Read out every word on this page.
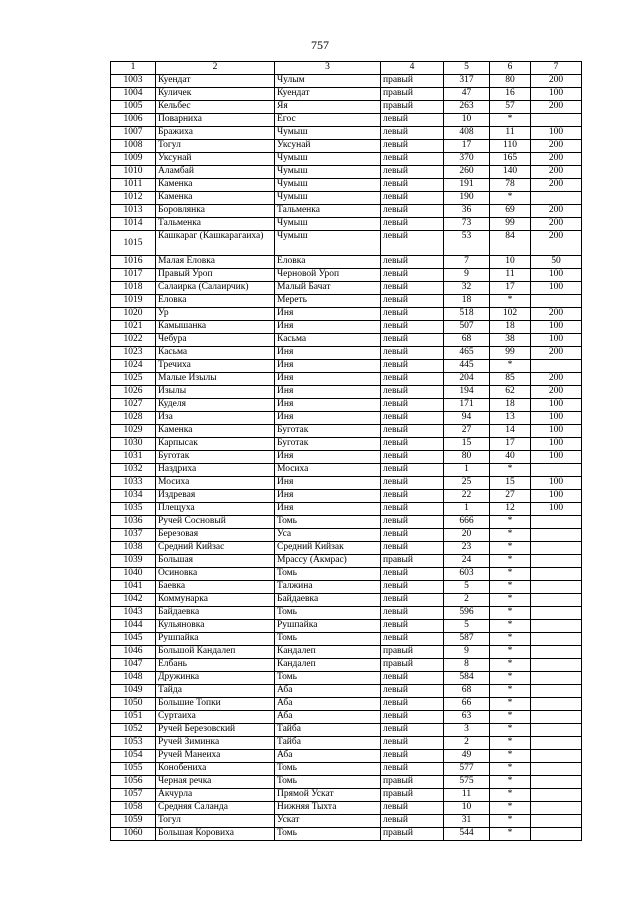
757
1	2	3	4	5	6	7
1003	Куендат	Чулым	правый	317	80	200
1004	Куличек	Куендат	правый	47	16	100
1005	Кельбес	Яя	правый	263	57	200
1006	Поварниха	Егос	левый	10	*	
1007	Бражиха	Чумыш	левый	408	11	100
1008	Тогул	Уксунай	левый	17	110	200
1009	Уксунай	Чумыш	левый	370	165	200
1010	Аламбай	Чумыш	левый	260	140	200
1011	Каменка	Чумыш	левый	191	78	200
1012	Каменка	Чумыш	левый	190	*	
1013	Боровлянка	Тальменка	левый	36	69	200
1014	Тальменка	Чумыш	левый	73	99	200
1015	Кашкараг (Кашкарагаиха)	Чумыш	левый	53	84	200
1016	Малая Еловка	Еловка	левый	7	10	50
1017	Правый Уроп	Черновой Уроп	левый	9	11	100
1018	Салаирка (Салаирчик)	Малый Бачат	левый	32	17	100
1019	Еловка	Мереть	левый	18	*	
1020	Ур	Иня	левый	518	102	200
1021	Камышанка	Иня	левый	507	18	100
1022	Чебура	Касьма	левый	68	38	100
1023	Касьма	Иня	левый	465	99	200
1024	Тречиха	Иня	левый	445	*	
1025	Малые Изылы	Иня	левый	204	85	200
1026	Изылы	Иня	левый	194	62	200
1027	Куделя	Иня	левый	171	18	100
1028	Иза	Иня	левый	94	13	100
1029	Каменка	Буготак	левый	27	14	100
1030	Карпысак	Буготак	левый	15	17	100
1031	Буготак	Иня	левый	80	40	100
1032	Наздриха	Мосиха	левый	1	*	
1033	Мосиха	Иня	левый	25	15	100
1034	Издревая	Иня	левый	22	27	100
1035	Плещуха	Иня	левый	1	12	100
1036	Ручей Сосновый	Томь	левый	666	*	
1037	Березовая	Уса	левый	20	*	
1038	Средний Кийзас	Средний Кийзак	левый	23	*	
1039	Большая	Мрассу (Акмрас)	правый	24	*	
1040	Осиновка	Томь	левый	603	*	
1041	Баевка	Талжина	левый	5	*	
1042	Коммунарка	Байдаевка	левый	2	*	
1043	Байдаевка	Томь	левый	596	*	
1044	Кульяновка	Рушпайка	левый	5	*	
1045	Рушпайка	Томь	левый	587	*	
1046	Большой Кандалеп	Кандалеп	правый	9	*	
1047	Елбань	Кандалеп	правый	8	*	
1048	Дружинка	Томь	левый	584	*	
1049	Тайда	Аба	левый	68	*	
1050	Большие Топки	Аба	левый	66	*	
1051	Суртаиха	Аба	левый	63	*	
1052	Ручей Березовский	Тайба	левый	3	*	
1053	Ручей Зиминка	Тайба	левый	2	*	
1054	Ручей Манеиха	Аба	левый	49	*	
1055	Конобениха	Томь	левый	577	*	
1056	Черная речка	Томь	правый	575	*	
1057	Акчурла	Прямой Ускат	правый	11	*	
1058	Средняя Саланда	Нижняя Тыхта	левый	10	*	
1059	Тогул	Ускат	левый	31	*	
1060	Большая Коровиха	Томь	правый	544	*	
